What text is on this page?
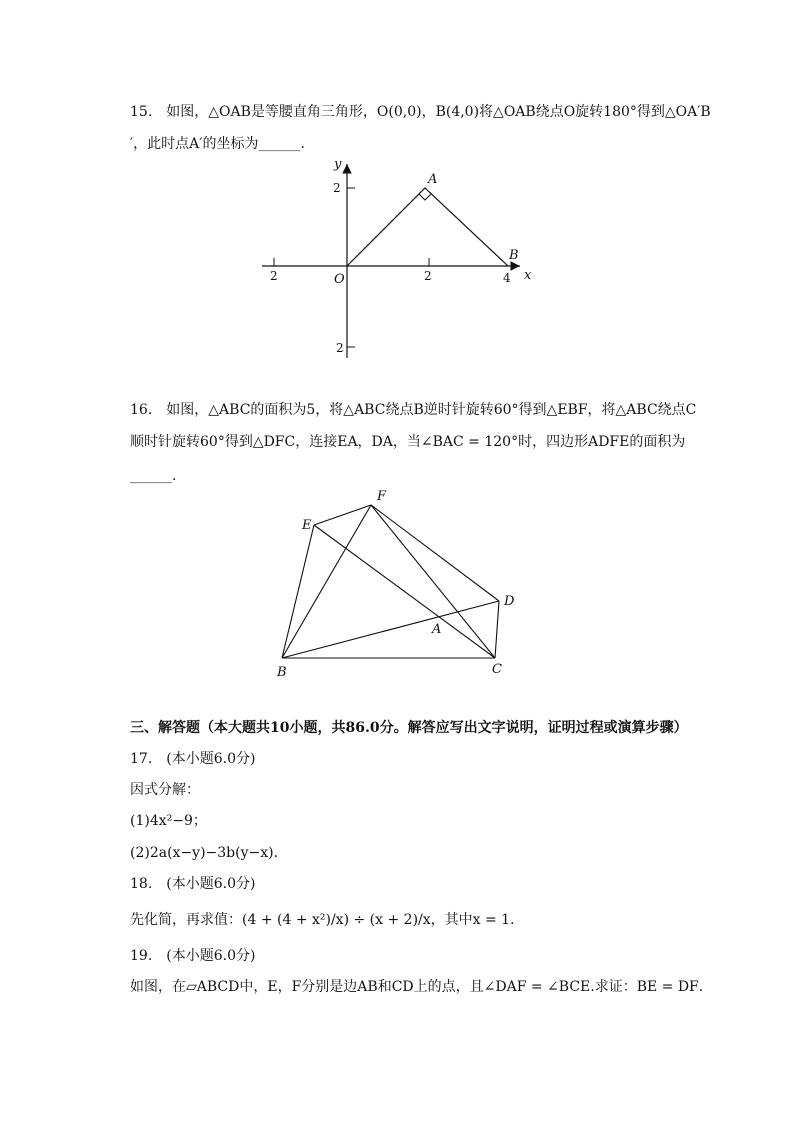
15.　如图，△OAB是等腰直角三角形，O(0,0)，B(4,0)将△OAB绕点O旋转180°得到△OA′B
′，此时点A′的坐标为______．
y
x
2
2
2	2	4
O
A
B
16.　如图，△ABC的面积为5，将△ABC绕点B逆时针旋转60°得到△EBF，将△ABC绕点C
顺时针旋转60°得到△DFC，连接EA，DA，当∠BAC = 120°时，四边形ADFE的面积为
______．
F
E
D
A
B	C
三、解答题（本大题共10小题，共86.0分。解答应写出文字说明，证明过程或演算步骤）
17.　(本小题6.0分)
因式分解：
(1)4x²−9；
(2)2a(x−y)−3b(y−x)．
18.　(本小题6.0分)
先化简，再求值：(4 + (4 + x²)/x) ÷ (x + 2)/x，其中x = 1．
19.　(本小题6.0分)
如图，在▱ABCD中，E，F分别是边AB和CD上的点，且∠DAF = ∠BCE.求证：BE = DF．
